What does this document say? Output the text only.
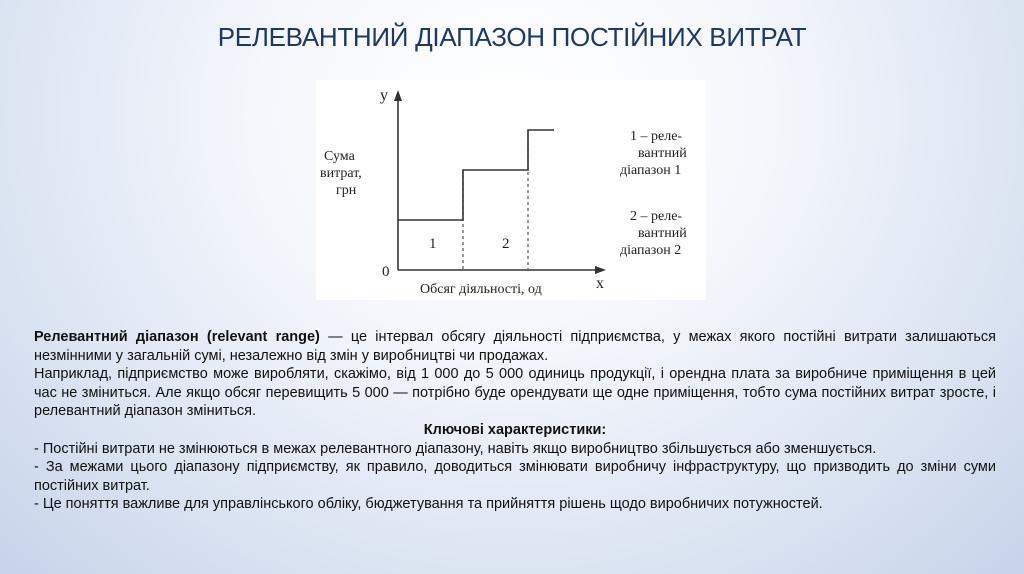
РЕЛЕВАНТНИЙ ДІАПАЗОН ПОСТІЙНИХ ВИТРАТ
у
х
0
Сума
витрат,
грн
Обсяг діяльності, од
1	2
1 – реле-
вантний
діапазон 1
2 – реле-
вантний
діапазон 2

Релевантний діапазон (relevant range) — це інтервал обсягу діяльності підприємства, у межах якого постійні витрати залишаються незмінними у загальній сумі, незалежно від змін у виробництві чи продажах.

Наприклад, підприємство може виробляти, скажімо, від 1 000 до 5 000 одиниць продукції, і орендна плата за виробниче приміщення в цей час не зміниться. Але якщо обсяг перевищить 5 000 — потрібно буде орендувати ще одне приміщення, тобто сума постійних витрат зросте, і релевантний діапазон зміниться.

Ключові характеристики:

- Постійні витрати не змінюються в межах релевантного діапазону, навіть якщо виробництво збільшується або зменшується.

- За межами цього діапазону підприємству, як правило, доводиться змінювати виробничу інфраструктуру, що призводить до зміни суми постійних витрат.

- Це поняття важливе для управлінського обліку, бюджетування та прийняття рішень щодо виробничих потужностей.
